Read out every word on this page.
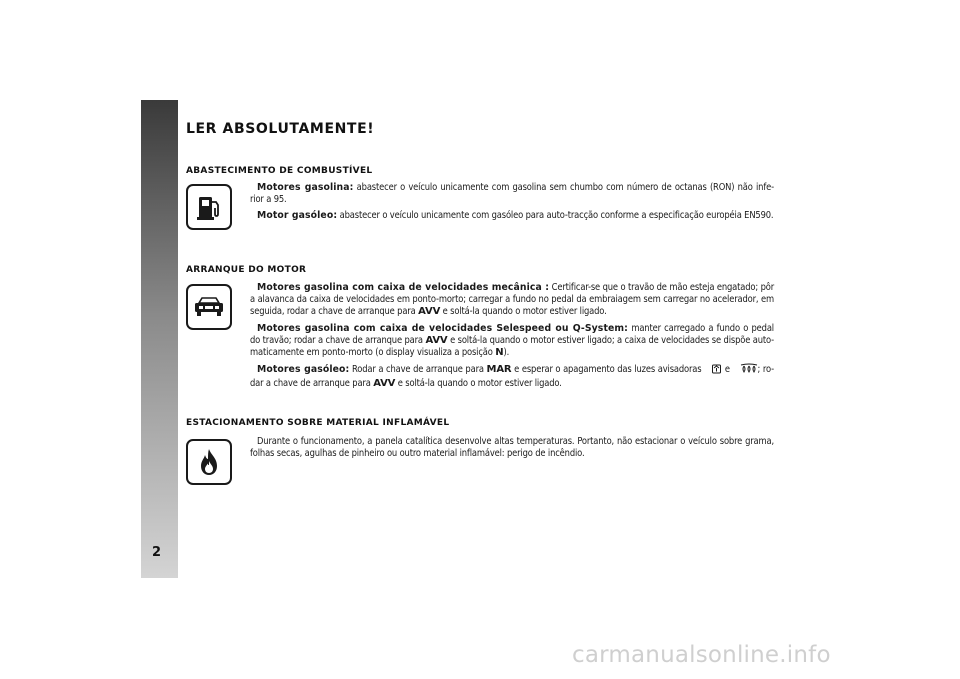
2
LER ABSOLUTAMENTE!
ABASTECIMENTO DE COMBUSTÍVEL

Motores gasolina: abastecer o veículo unicamente com gasolina sem chumbo com número de octanas (RON) não infe-rior a 95.

Motor gasóleo: abastecer o veículo unicamente com gasóleo para auto-tracção conforme a especificação européia EN590.

ARRANQUE DO MOTOR

Motores gasolina com caixa de velocidades mecânica : Certificar-se que o travão de mão esteja engatado; pôr a alavanca da caixa de velocidades em ponto-morto; carregar a fundo no pedal da embraiagem sem carregar no acelerador, em seguida, rodar a chave de arranque para AVV e soltá-la quando o motor estiver ligado.

Motores gasolina com caixa de velocidades Selespeed ou Q-System: manter carregado a fundo o pedal do travão; rodar a chave de arranque para AVV e soltá-la quando o motor estiver ligado; a caixa de velocidades se dispõe auto-maticamente em ponto-morto (o display visualiza a posição N).

Motores gasóleo: Rodar a chave de arranque para MAR e esperar o apagamento das luzes avisadoras  e	; ro-dar a chave de arranque para AVV e soltá-la quando o motor estiver ligado.

ESTACIONAMENTO SOBRE MATERIAL INFLAMÁVEL

Durante o funcionamento, a panela catalítica desenvolve altas temperaturas. Portanto, não estacionar o veículo sobre grama, folhas secas, agulhas de pinheiro ou outro material inflamável: perigo de incêndio.

carmanualsonline.info
